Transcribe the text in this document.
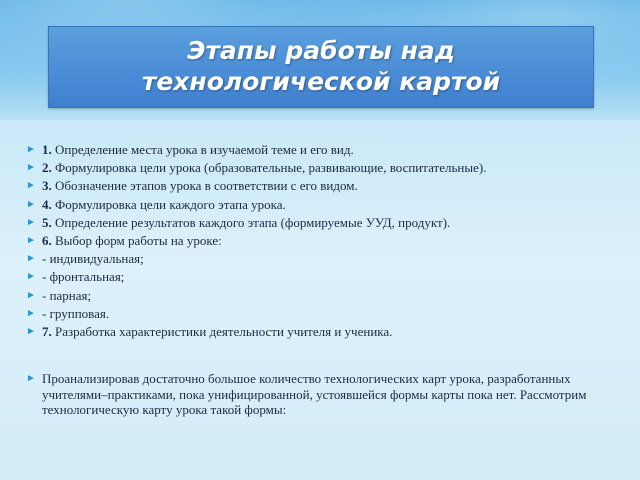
Этапы работы над
технологической картой
► 1. Определение места урока в изучаемой теме и его вид.
► 2. Формулировка цели урока (образовательные, развивающие, воспитательные).
► 3. Обозначение этапов урока в соответствии с его видом.
► 4. Формулировка цели каждого этапа урока.
► 5. Определение результатов каждого этапа (формируемые УУД, продукт).
► 6. Выбор форм работы на уроке:
► - индивидуальная;
► - фронтальная;
► - парная;
► - групповая.
► 7. Разработка характеристики деятельности учителя и ученика.
► Проанализировав достаточно большое количество технологических карт урока, разработанных учителями–практиками, пока унифицированной, устоявшейся формы карты пока нет. Рассмотрим технологическую карту урока такой формы:
